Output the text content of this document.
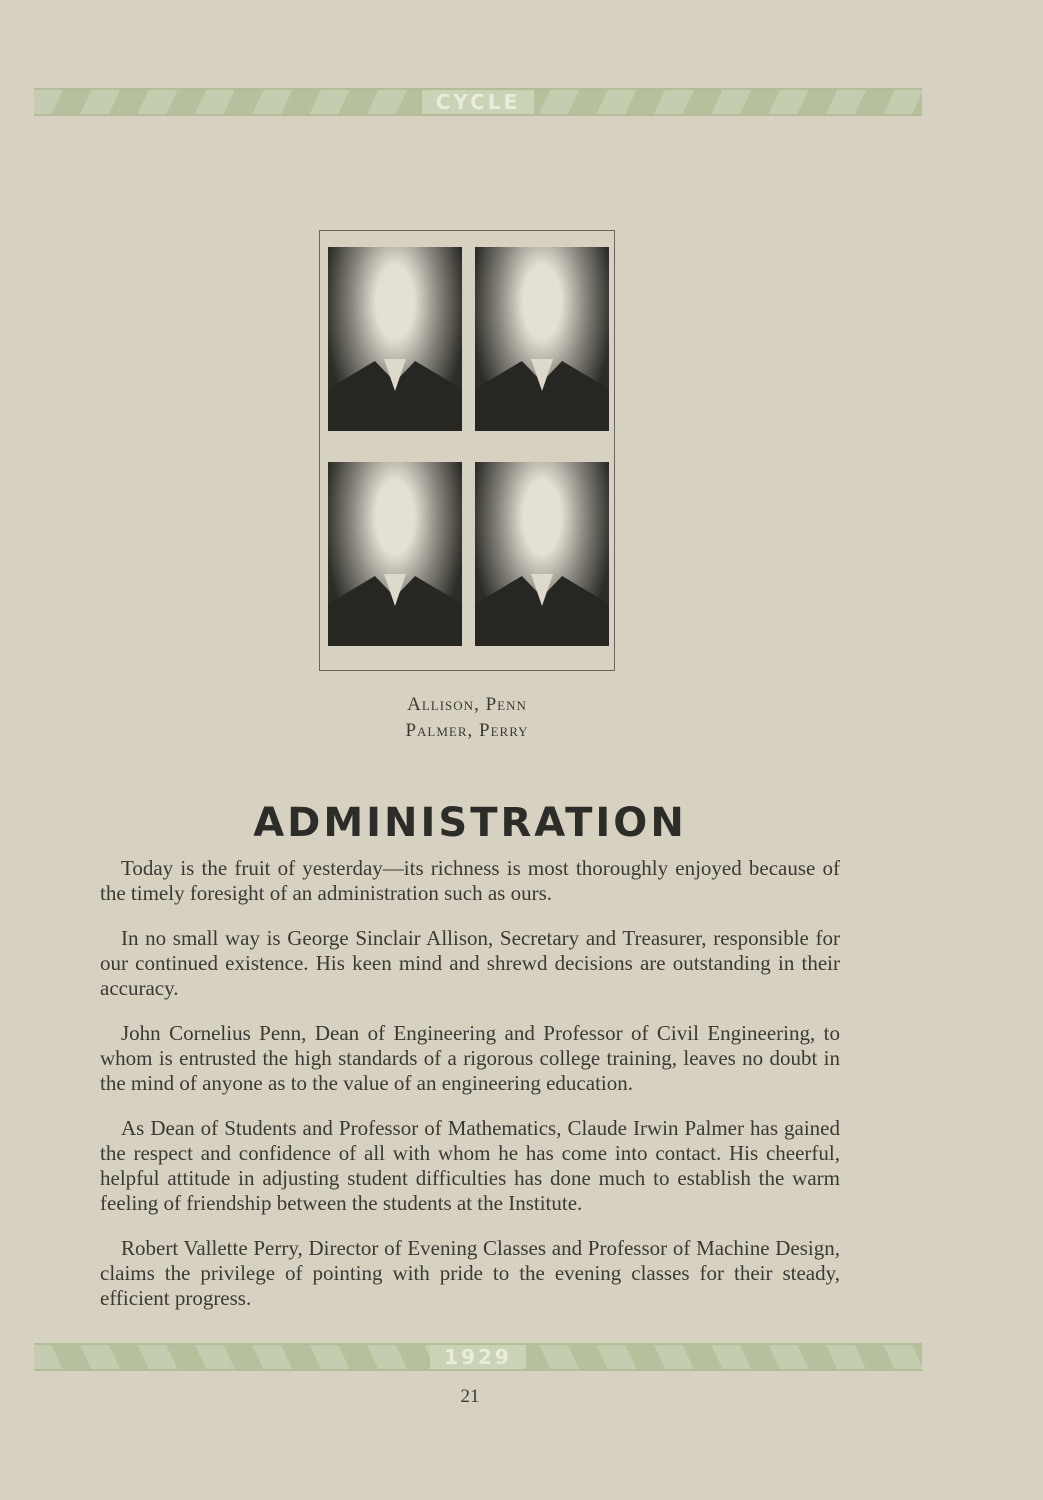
CYCLE
Allison, Penn
Palmer, Perry
ADMINISTRATION

Today is the fruit of yesterday—its richness is most thoroughly enjoyed because of the timely foresight of an administration such as ours.

In no small way is George Sinclair Allison, Secretary and Treasurer, responsible for our continued existence. His keen mind and shrewd decisions are outstanding in their accuracy.

John Cornelius Penn, Dean of Engineering and Professor of Civil Engineering, to whom is entrusted the high standards of a rigorous college training, leaves no doubt in the mind of anyone as to the value of an engineering education.

As Dean of Students and Professor of Mathematics, Claude Irwin Palmer has gained the respect and confidence of all with whom he has come into contact. His cheerful, helpful attitude in adjusting student difficulties has done much to establish the warm feeling of friendship between the students at the Institute.

Robert Vallette Perry, Director of Evening Classes and Professor of Machine Design, claims the privilege of pointing with pride to the evening classes for their steady, efficient progress.

1929
21
